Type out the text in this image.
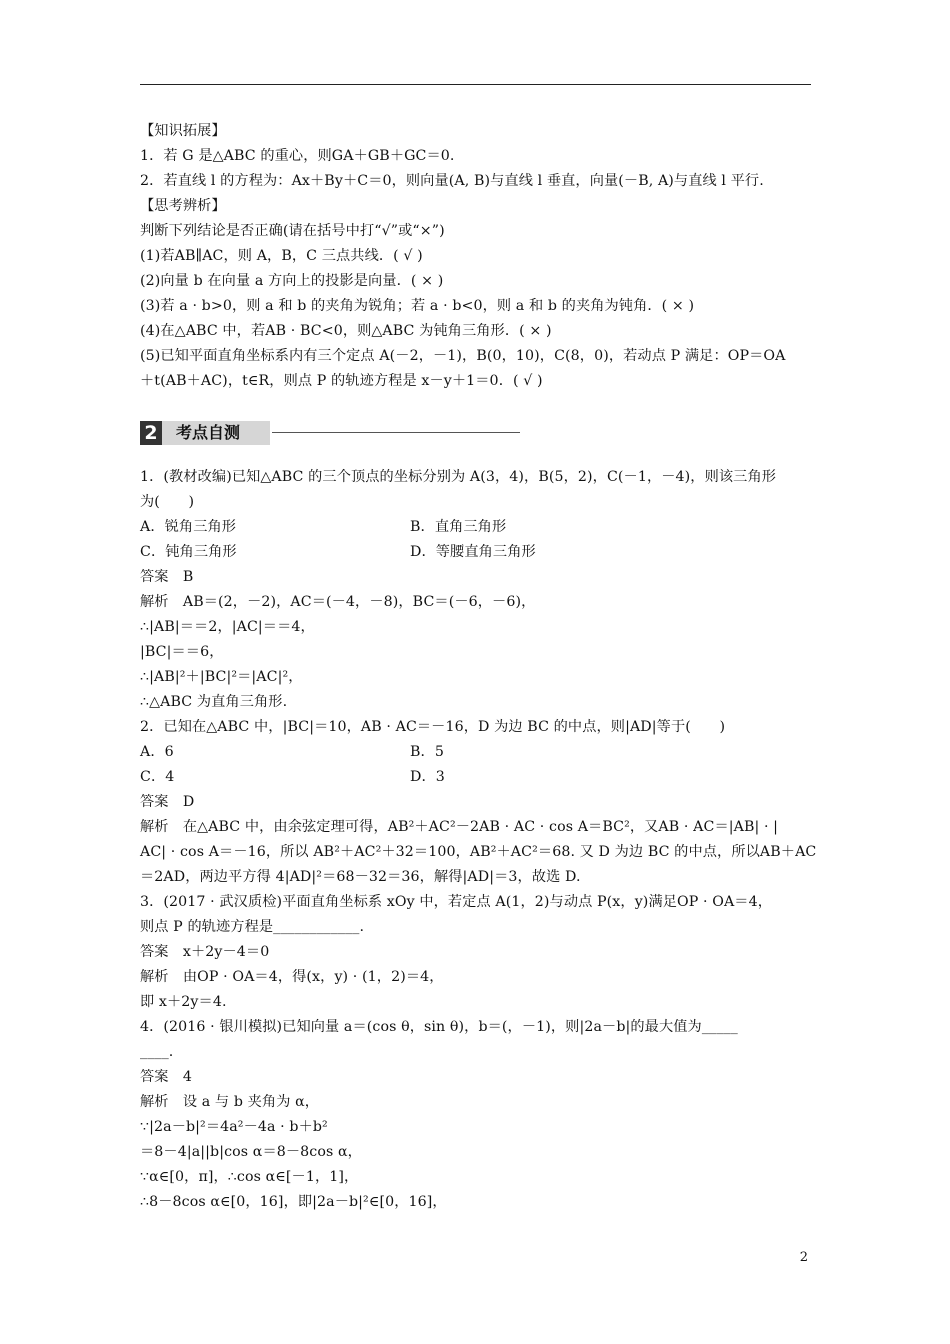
【知识拓展】
1．若 G 是△ABC 的重心，则GA＋GB＋GC＝0.
2．若直线 l 的方程为：Ax＋By＋C＝0，则向量(A, B)与直线 l 垂直，向量(－B, A)与直线 l 平行.
【思考辨析】
判断下列结论是否正确(请在括号中打“√”或“×”)
(1)若AB∥AC，则 A，B，C 三点共线．( √ )
(2)向量 b 在向量 a 方向上的投影是向量．( × )
(3)若 a · b>0，则 a 和 b 的夹角为锐角；若 a · b<0，则 a 和 b 的夹角为钝角．( × )
(4)在△ABC 中，若AB · BC<0，则△ABC 为钝角三角形．( × )
(5)已知平面直角坐标系内有三个定点 A(－2，－1)，B(0，10)，C(8，0)，若动点 P 满足：OP＝OA
＋t(AB＋AC)，t∈R，则点 P 的轨迹方程是 x－y＋1＝0．( √ )
2 考点自测
1．(教材改编)已知△ABC 的三个顶点的坐标分别为 A(3，4)，B(5，2)，C(－1，－4)，则该三角形
为(　　)
A．锐角三角形	B．直角三角形
C．钝角三角形	D．等腰直角三角形
答案　B
解析　AB＝(2，－2)，AC＝(－4，－8)，BC＝(－6，－6)，
∴|AB|＝＝2，|AC|＝＝4，
|BC|＝＝6，
∴|AB|²＋|BC|²＝|AC|²，
∴△ABC 为直角三角形.
2．已知在△ABC 中，|BC|＝10，AB · AC＝－16，D 为边 BC 的中点，则|AD|等于(　　)
A．6	B．5
C．4	D．3
答案　D
解析　在△ABC 中，由余弦定理可得，AB²＋AC²－2AB · AC · cos A＝BC²，又AB · AC＝|AB| · |
AC| · cos A＝－16，所以 AB²＋AC²＋32＝100，AB²＋AC²＝68. 又 D 为边 BC 的中点，所以AB＋AC
＝2AD，两边平方得 4|AD|²＝68－32＝36，解得|AD|＝3，故选 D.
3．(2017 · 武汉质检)平面直角坐标系 xOy 中，若定点 A(1，2)与动点 P(x，y)满足OP · OA＝4，
则点 P 的轨迹方程是____________.
答案　x＋2y－4＝0
解析　由OP · OA＝4，得(x，y) · (1，2)＝4，
即 x＋2y＝4.
4．(2016 · 银川模拟)已知向量 a＝(cos θ，sin θ)，b＝(，－1)，则|2a－b|的最大值为_____
____.
答案　4
解析　设 a 与 b 夹角为 α，
∵|2a－b|²＝4a²－4a · b＋b²
＝8－4|a||b|cos α＝8－8cos α，
∵α∈[0，π]，∴cos α∈[－1，1]，
∴8－8cos α∈[0，16]，即|2a－b|²∈[0，16]，
2
